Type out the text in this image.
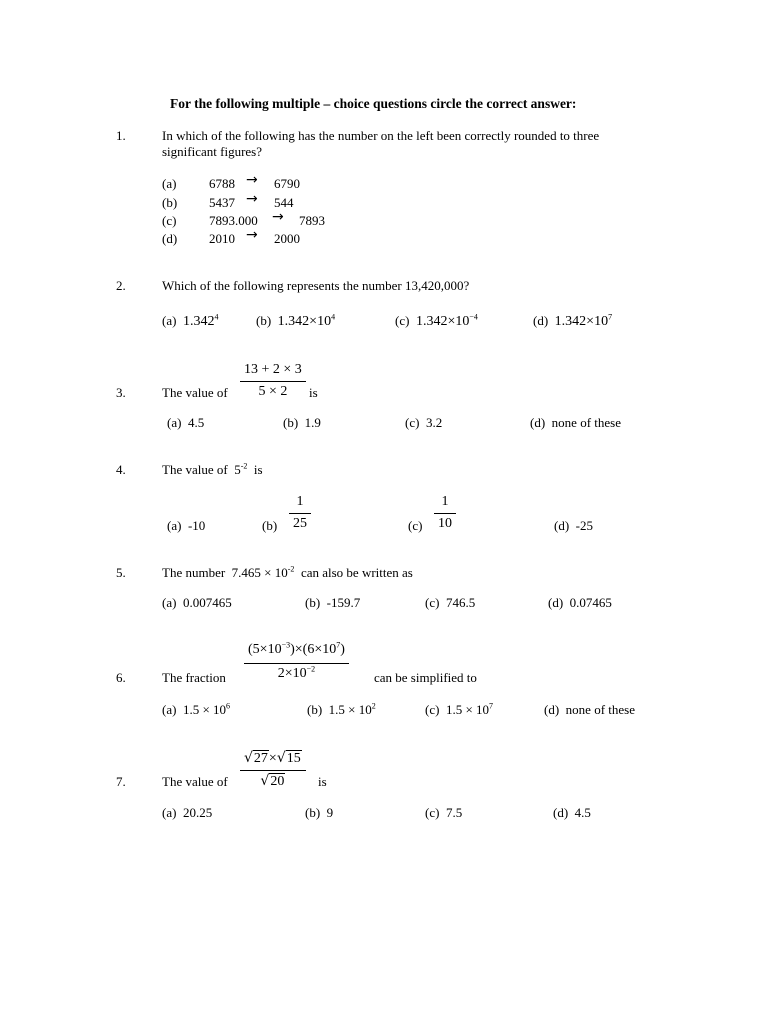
For the following multiple – choice questions circle the correct answer:
1.	In which of the following has the number on the left been correctly rounded to three
significant figures?
(a)	6788 → 6790
(b) 5437 → 544
(c)	7893.000 → 7893
(d) 2010 → 2000
2.	Which of the following represents the number 13,420,000?
(a) 1.342$^4$	(b) $1.342\times 10^4$	(c) $1.342\times 10^{-4}$	(d) $1.342\times 10^7$
3.	The value of $\frac{13 + 2 \times 3}{5 \times 2}$ is
(a) 4.5	(b) 1.9	(c) 3.2	(d) none of these
4.	The value of $5^{-2}$ is
(a) -10	$(b) \frac{1}{25}$	$(c) \frac{1}{10}$	(d) -25
5.	The number $7.465 \times 10^{-2}$ can also be written as
(a) 0.007465	(b) -159.7	(c) 746.5	(d) 0.07465
6.	The fraction $\frac{(5\times 10^{-3})\times(6\times 10^7)}{2\times 10^{-2}}$ can be simplified to
(a) $1.5 \times 10^6$	(b) $1.5 \times 10^2$	(c) $1.5 \times 10^7$	(d) none of these
7.	The value of $\frac{√27\times√15}{√20}$ is
(a) 20.25	(b) 9	(c) 7.5	(d) 4.5
